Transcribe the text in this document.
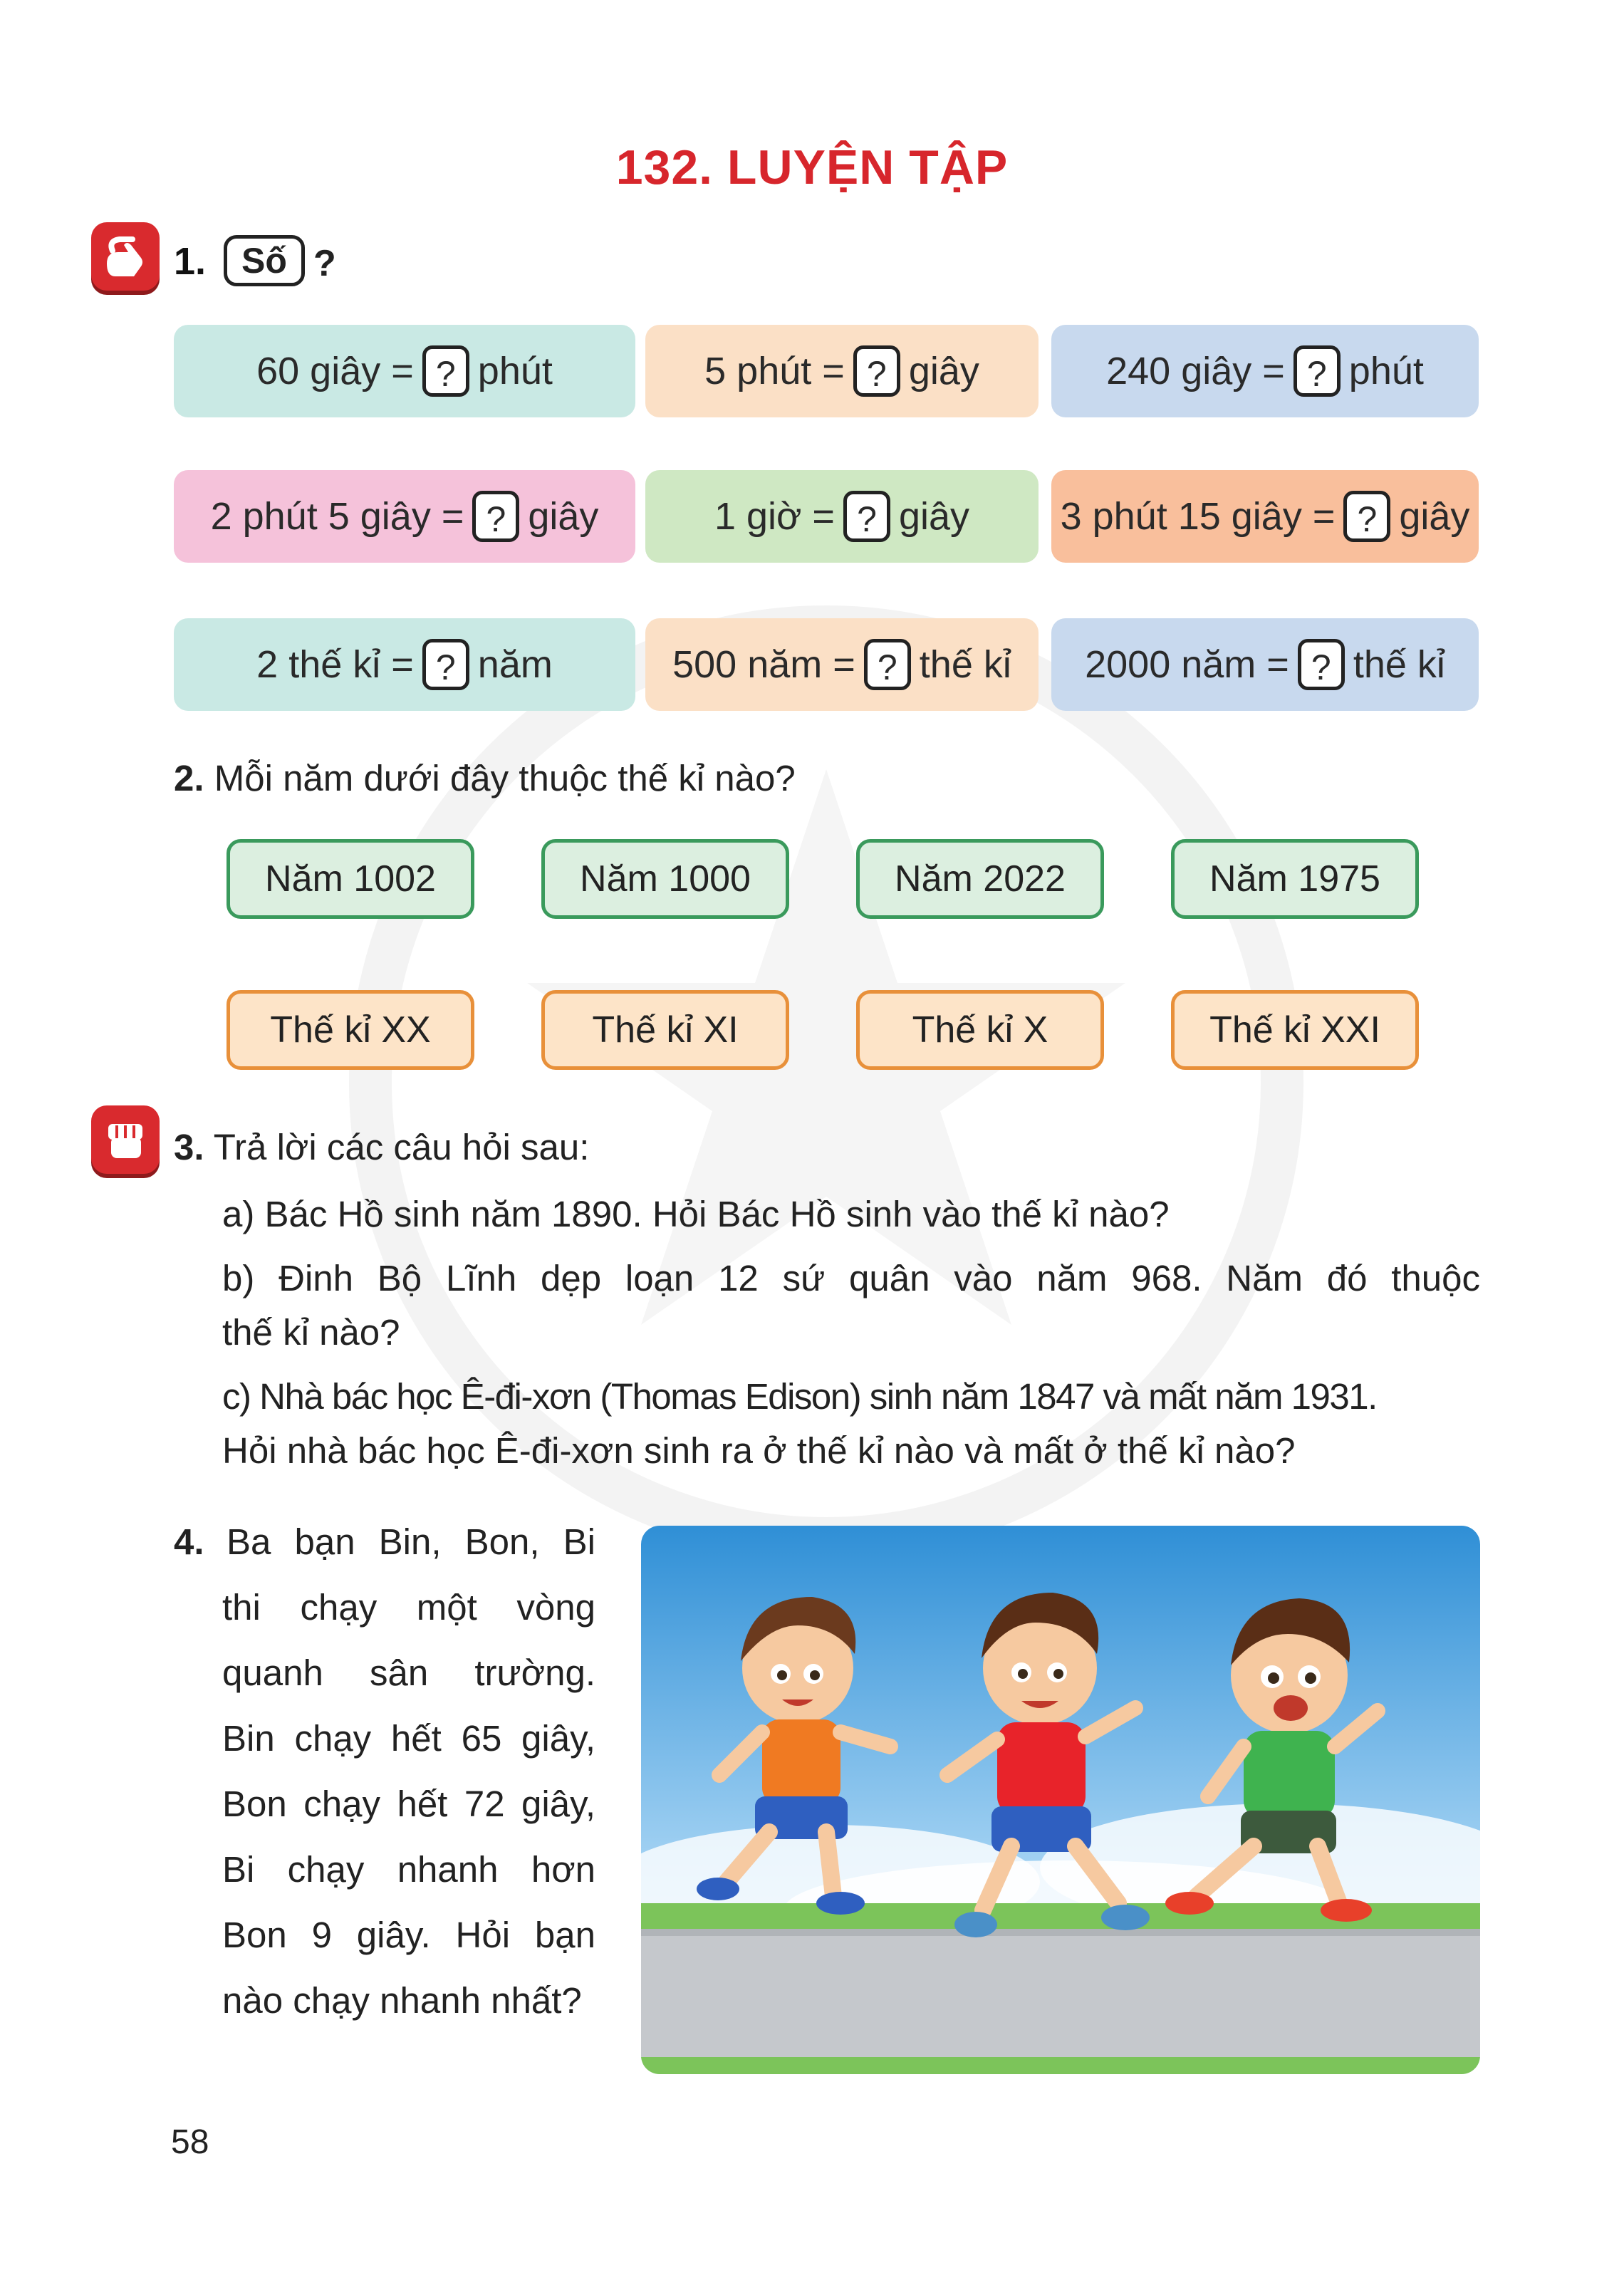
132. LUYỆN TẬP
1. Số ?
60 giây = ? phút	5 phút = ? giây	240 giây = ? phút
2 phút 5 giây = ? giây	1 giờ = ? giây 3 phút 15 giây = ? giây
2 thế kỉ = ? năm	500 năm = ? thế kỉ 2000 năm = ? thế kỉ
2. Mỗi năm dưới đây thuộc thế kỉ nào?
Năm 1002	Năm 1000	Năm 2022	Năm 1975
Thế kỉ XX	Thế kỉ XI	Thế kỉ X	Thế kỉ XXI
3. Trả lời các câu hỏi sau:
a) Bác Hồ sinh năm 1890. Hỏi Bác Hồ sinh vào thế kỉ nào?
b) Đinh Bộ Lĩnh dẹp loạn 12 sứ quân vào năm 968. Năm đó thuộc
thế kỉ nào?
c) Nhà bác học Ê-đi-xơn (Thomas Edison) sinh năm 1847 và mất năm 1931.
Hỏi nhà bác học Ê-đi-xơn sinh ra ở thế kỉ nào và mất ở thế kỉ nào?
4. Ba bạn Bin, Bon, Bi
thi chạy một vòng
quanh sân trường.
Bin chạy hết 65 giây,
Bon chạy hết 72 giây,
Bi chạy nhanh hơn
Bon 9 giây. Hỏi bạn
nào chạy nhanh nhất?
58
